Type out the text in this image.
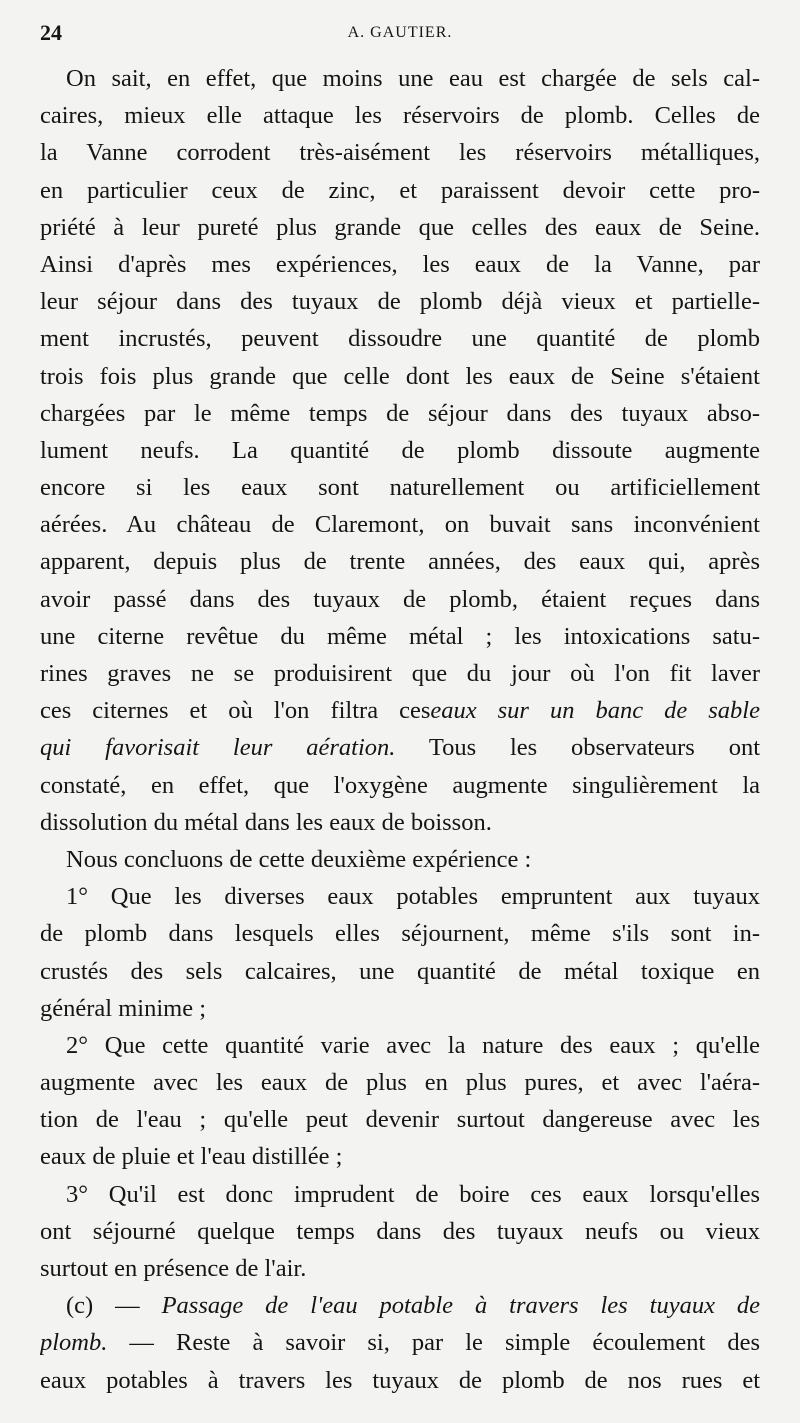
24	A. GAUTIER.
On sait, en effet, que moins une eau est chargée de sels cal-
caires, mieux elle attaque les réservoirs de plomb. Celles de
la Vanne corrodent très-aisément les réservoirs métalliques,
en particulier ceux de zinc, et paraissent devoir cette pro-
priété à leur pureté plus grande que celles des eaux de Seine.
Ainsi d'après mes expériences, les eaux de la Vanne, par
leur séjour dans des tuyaux de plomb déjà vieux et partielle-
ment incrustés, peuvent dissoudre une quantité de plomb
trois fois plus grande que celle dont les eaux de Seine s'étaient
chargées par le même temps de séjour dans des tuyaux abso-
lument neufs. La quantité de plomb dissoute augmente
encore si les eaux sont naturellement ou artificiellement
aérées. Au château de Claremont, on buvait sans inconvénient
apparent, depuis plus de trente années, des eaux qui, après
avoir passé dans des tuyaux de plomb, étaient reçues dans
une citerne revêtue du même métal ; les intoxications satu-
rines graves ne se produisirent que du jour où l'on fit laver
ces citernes et où l'on filtra ceseaux sur un banc de sable
qui favorisait leur aération. Tous les observateurs ont
constaté, en effet, que l'oxygène augmente singulièrement la
dissolution du métal dans les eaux de boisson.
Nous concluons de cette deuxième expérience :
1° Que les diverses eaux potables empruntent aux tuyaux
de plomb dans lesquels elles séjournent, même s'ils sont in-
crustés des sels calcaires, une quantité de métal toxique en
général minime ;
2° Que cette quantité varie avec la nature des eaux ; qu'elle
augmente avec les eaux de plus en plus pures, et avec l'aéra-
tion de l'eau ; qu'elle peut devenir surtout dangereuse avec les
eaux de pluie et l'eau distillée ;
3° Qu'il est donc imprudent de boire ces eaux lorsqu'elles
ont séjourné quelque temps dans des tuyaux neufs ou vieux
surtout en présence de l'air.
(c) — Passage de l'eau potable à travers les tuyaux de
plomb. — Reste à savoir si, par le simple écoulement des
eaux potables à travers les tuyaux de plomb de nos rues et
